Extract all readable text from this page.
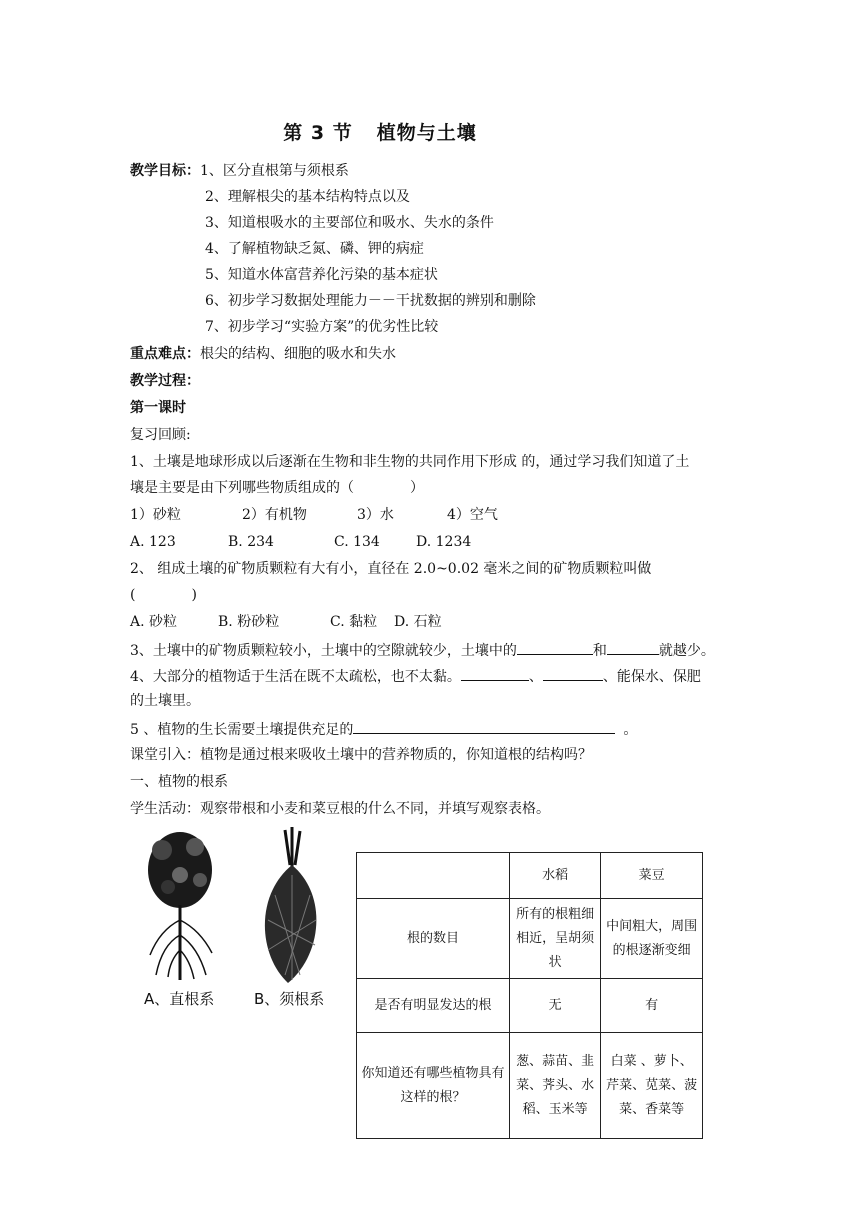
第 3 节 植物与土壤
教学目标：1、区分直根第与须根系
2、理解根尖的基本结构特点以及
3、知道根吸水的主要部位和吸水、失水的条件
4、了解植物缺乏氮、磷、钾的病症
5、知道水体富营养化污染的基本症状
6、初步学习数据处理能力－－干扰数据的辨别和删除
7、初步学习“实验方案”的优劣性比较
重点难点：根尖的结构、细胞的吸水和失水
教学过程：
第一课时
复习回顾:
1、土壤是地球形成以后逐渐在生物和非生物的共同作用下形成 的，通过学习我们知道了土
壤是主要是由下列哪些物质组成的（　　　　）
1）砂粒	2）有机物	3）水	4）空气
A. 123	B. 234	C. 134	D. 1234
2、 组成土壤的矿物质颗粒有大有小，直径在 2.0~0.02 毫米之间的矿物质颗粒叫做
(　　　　)
A. 砂粒	B. 粉砂粒	C. 黏粒 D. 石粒
3、土壤中的矿物质颗粒较小，土壤中的空隙就较少，土壤中的	和	就越少。
4、大部分的植物适于生活在既不太疏松，也不太黏。	、	、能保水、保肥
的土壤里。
5 、植物的生长需要土壤提供充足的	。
课堂引入：植物是通过根来吸收土壤中的营养物质的，你知道根的结构吗？
一、植物的根系
学生活动：观察带根和小麦和菜豆根的什么不同，并填写观察表格。
A、直根系	B、须根系
	水稻	菜豆
根的数目	所有的根粗细相近，呈胡须状	中间粗大，周围的根逐渐变细
是否有明显发达的根	无	有
你知道还有哪些植物具有这样的根？	葱、蒜苗、韭菜、荠头、水稻、玉米等	白菜 、萝卜、芹菜、苋菜、菠菜、香菜等
